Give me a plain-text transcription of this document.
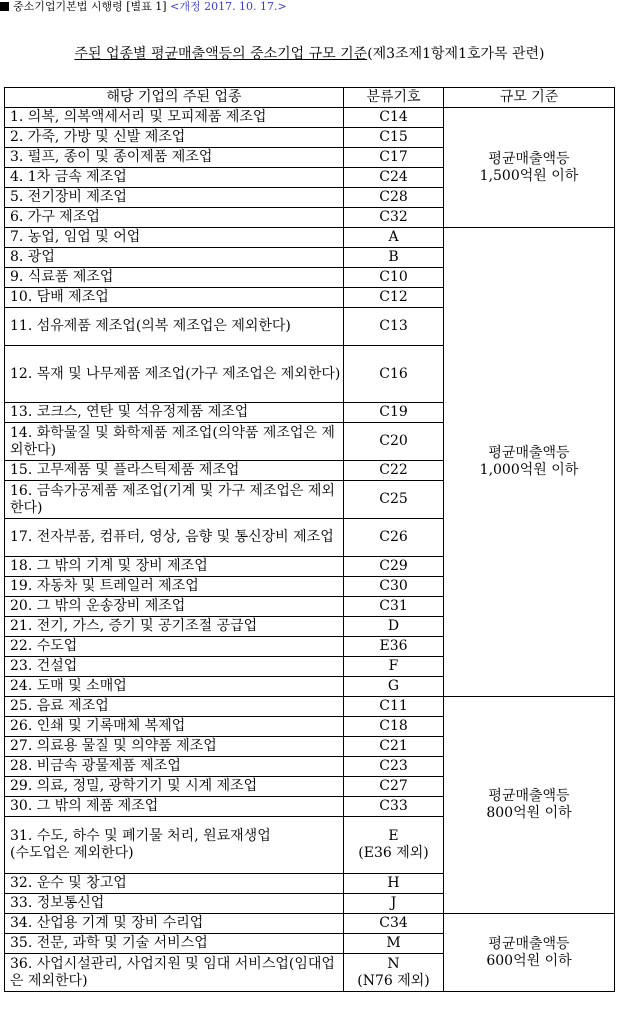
중소기업기본법 시행령 [별표 1] <개정 2017. 10. 17.>
주된 업종별 평균매출액등의 중소기업 규모 기준(제3조제1항제1호가목 관련)
해당 기업의 주된 업종	분류기호	규모 기준
1. 의복, 의복액세서리 및 모피제품 제조업	C14	평균매출액등
1,500억원 이하
2. 가죽, 가방 및 신발 제조업	C15	
3. 펄프, 종이 및 종이제품 제조업	C17	
4. 1차 금속 제조업	C24	
5. 전기장비 제조업	C28	
6. 가구 제조업	C32	
7. 농업, 임업 및 어업	A	평균매출액등
1,000억원 이하
8. 광업	B	
9. 식료품 제조업	C10	
10. 담배 제조업	C12	
11. 섬유제품 제조업(의복 제조업은 제외한다)	C13	
12. 목재 및 나무제품 제조업(가구 제조업은 제외한다)	C16	
13. 코크스, 연탄 및 석유정제품 제조업	C19	
14. 화학물질 및 화학제품 제조업(의약품 제조업은 제외한다)	C20	
15. 고무제품 및 플라스틱제품 제조업	C22	
16. 금속가공제품 제조업(기계 및 가구 제조업은 제외한다)	C25	
17. 전자부품, 컴퓨터, 영상, 음향 및 통신장비 제조업	C26	
18. 그 밖의 기계 및 장비 제조업	C29	
19. 자동차 및 트레일러 제조업	C30	
20. 그 밖의 운송장비 제조업	C31	
21. 전기, 가스, 증기 및 공기조절 공급업	D	
22. 수도업	E36	
23. 건설업	F	
24. 도매 및 소매업	G	
25. 음료 제조업	C11	평균매출액등
800억원 이하
26. 인쇄 및 기록매체 복제업	C18	
27. 의료용 물질 및 의약품 제조업	C21	
28. 비금속 광물제품 제조업	C23	
29. 의료, 정밀, 광학기기 및 시계 제조업	C27	
30. 그 밖의 제품 제조업	C33	
31. 수도, 하수 및 폐기물 처리, 원료재생업
(수도업은 제외한다)	E
(E36 제외)	
32. 운수 및 창고업	H	
33. 정보통신업	J	
34. 산업용 기계 및 장비 수리업	C34	평균매출액등
600억원 이하
35. 전문, 과학 및 기술 서비스업	M	
36. 사업시설관리, 사업지원 및 임대 서비스업(임대업은 제외한다)	N
(N76 제외)	
